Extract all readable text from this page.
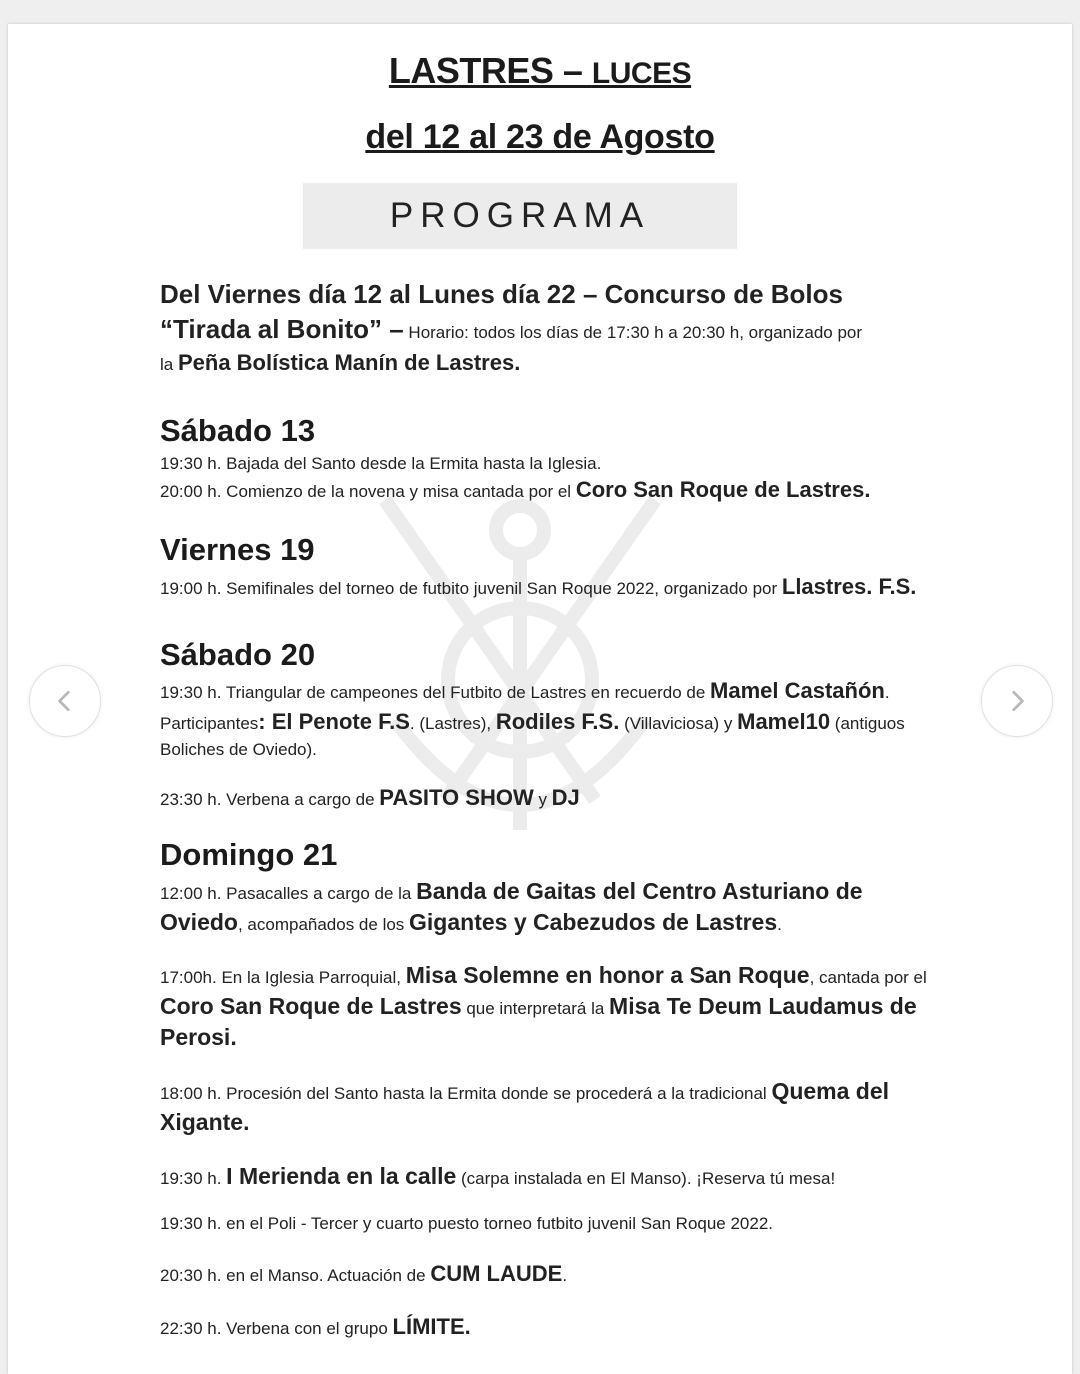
LASTRES – LUCES
del 12 al 23 de Agosto
PROGRAMA
Del Viernes día 12 al Lunes día 22 – Concurso de Bolos
“Tirada al Bonito” – Horario: todos los días de 17:30 h a 20:30 h, organizado por
la Peña Bolística Manín de Lastres.
Sábado 13
19:30 h. Bajada del Santo desde la Ermita hasta la Iglesia.
20:00 h. Comienzo de la novena y misa cantada por el Coro San Roque de Lastres.
Viernes 19
19:00 h. Semifinales del torneo de futbito juvenil San Roque 2022, organizado por Llastres. F.S.
Sábado 20
19:30 h. Triangular de campeones del Futbito de Lastres en recuerdo de Mamel Castañón.
Participantes: El Penote F.S. (Lastres), Rodiles F.S. (Villaviciosa) y Mamel10 (antiguos
Boliches de Oviedo).
23:30 h. Verbena a cargo de PASITO SHOW y DJ
Domingo 21
12:00 h. Pasacalles a cargo de la Banda de Gaitas del Centro Asturiano de
Oviedo, acompañados de los Gigantes y Cabezudos de Lastres.
17:00h. En la Iglesia Parroquial, Misa Solemne en honor a San Roque, cantada por el
Coro San Roque de Lastres que interpretará la Misa Te Deum Laudamus de
Perosi.
18:00 h. Procesión del Santo hasta la Ermita donde se procederá a la tradicional Quema del
Xigante.
19:30 h. I Merienda en la calle (carpa instalada en El Manso). ¡Reserva tú mesa!
19:30 h. en el Poli - Tercer y cuarto puesto torneo futbito juvenil San Roque 2022.
20:30 h. en el Manso. Actuación de CUM LAUDE.
22:30 h. Verbena con el grupo LÍMITE.
